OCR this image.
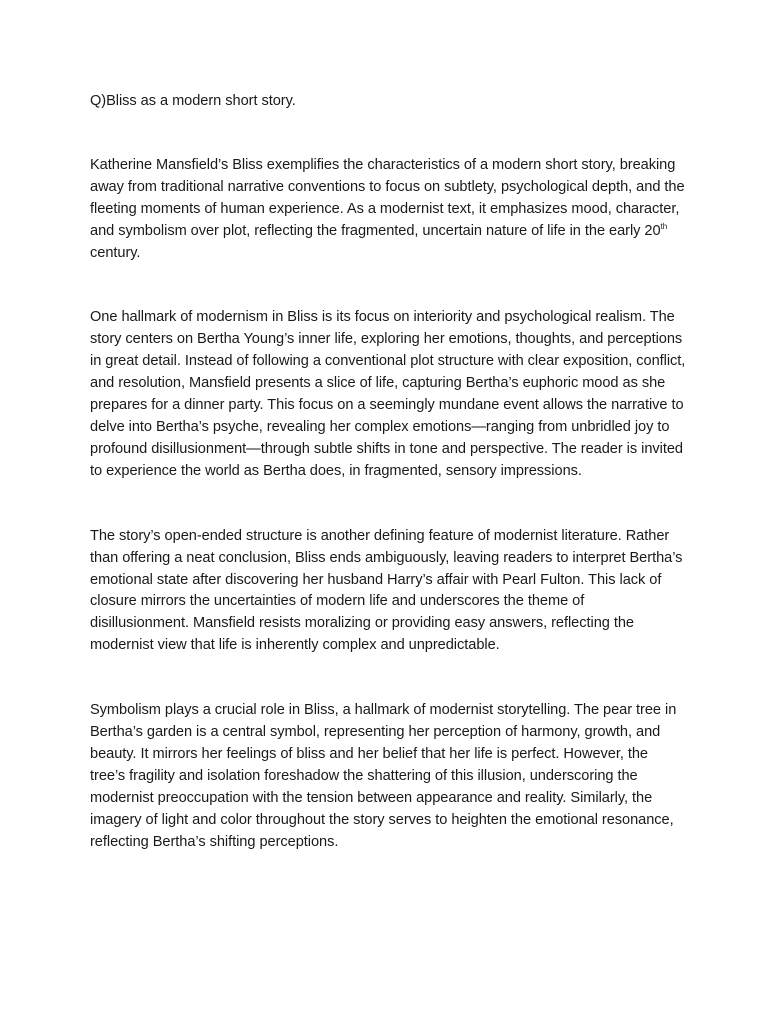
Q)Bliss as a modern short story.

Katherine Mansfield’s Bliss exemplifies the characteristics of a modern short story, breaking away from traditional narrative conventions to focus on subtlety, psychological depth, and the fleeting moments of human experience. As a modernist text, it emphasizes mood, character, and symbolism over plot, reflecting the fragmented, uncertain nature of life in the early 20th century.

One hallmark of modernism in Bliss is its focus on interiority and psychological realism. The story centers on Bertha Young’s inner life, exploring her emotions, thoughts, and perceptions in great detail. Instead of following a conventional plot structure with clear exposition, conflict, and resolution, Mansfield presents a slice of life, capturing Bertha’s euphoric mood as she prepares for a dinner party. This focus on a seemingly mundane event allows the narrative to delve into Bertha’s psyche, revealing her complex emotions—ranging from unbridled joy to profound disillusionment—through subtle shifts in tone and perspective. The reader is invited to experience the world as Bertha does, in fragmented, sensory impressions.

The story’s open-ended structure is another defining feature of modernist literature. Rather than offering a neat conclusion, Bliss ends ambiguously, leaving readers to interpret Bertha’s emotional state after discovering her husband Harry’s affair with Pearl Fulton. This lack of closure mirrors the uncertainties of modern life and underscores the theme of disillusionment. Mansfield resists moralizing or providing easy answers, reflecting the modernist view that life is inherently complex and unpredictable.

Symbolism plays a crucial role in Bliss, a hallmark of modernist storytelling. The pear tree in Bertha’s garden is a central symbol, representing her perception of harmony, growth, and beauty. It mirrors her feelings of bliss and her belief that her life is perfect. However, the tree’s fragility and isolation foreshadow the shattering of this illusion, underscoring the modernist preoccupation with the tension between appearance and reality. Similarly, the imagery of light and color throughout the story serves to heighten the emotional resonance, reflecting Bertha’s shifting perceptions.
